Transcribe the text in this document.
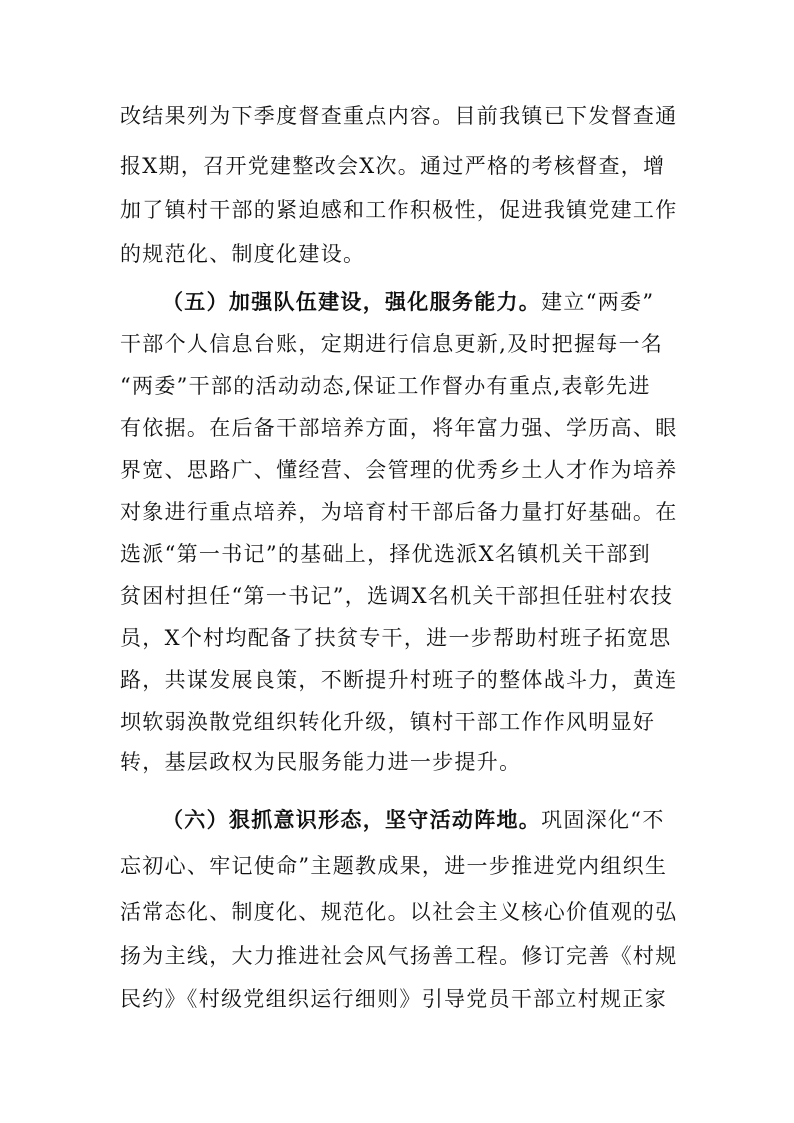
改结果列为下季度督查重点内容。目前我镇已下发督查通
报X期，召开党建整改会X次。通过严格的考核督查，增
加了镇村干部的紧迫感和工作积极性，促进我镇党建工作
的规范化、制度化建设。
（五）加强队伍建设，强化服务能力。建立“两委”
干部个人信息台账，定期进行信息更新,及时把握每一名
“两委”干部的活动动态,保证工作督办有重点,表彰先进
有依据。在后备干部培养方面，将年富力强、学历高、眼
界宽、思路广、懂经营、会管理的优秀乡土人才作为培养
对象进行重点培养，为培育村干部后备力量打好基础。在
选派“第一书记”的基础上，择优选派X名镇机关干部到
贫困村担任“第一书记”，选调X名机关干部担任驻村农技
员，X个村均配备了扶贫专干，进一步帮助村班子拓宽思
路，共谋发展良策，不断提升村班子的整体战斗力，黄连
坝软弱涣散党组织转化升级，镇村干部工作作风明显好
转，基层政权为民服务能力进一步提升。
（六）狠抓意识形态，坚守活动阵地。巩固深化“不
忘初心、牢记使命”主题教成果，进一步推进党内组织生
活常态化、制度化、规范化。以社会主义核心价值观的弘
扬为主线，大力推进社会风气扬善工程。修订完善《村规
民约》《村级党组织运行细则》引导党员干部立村规正家
